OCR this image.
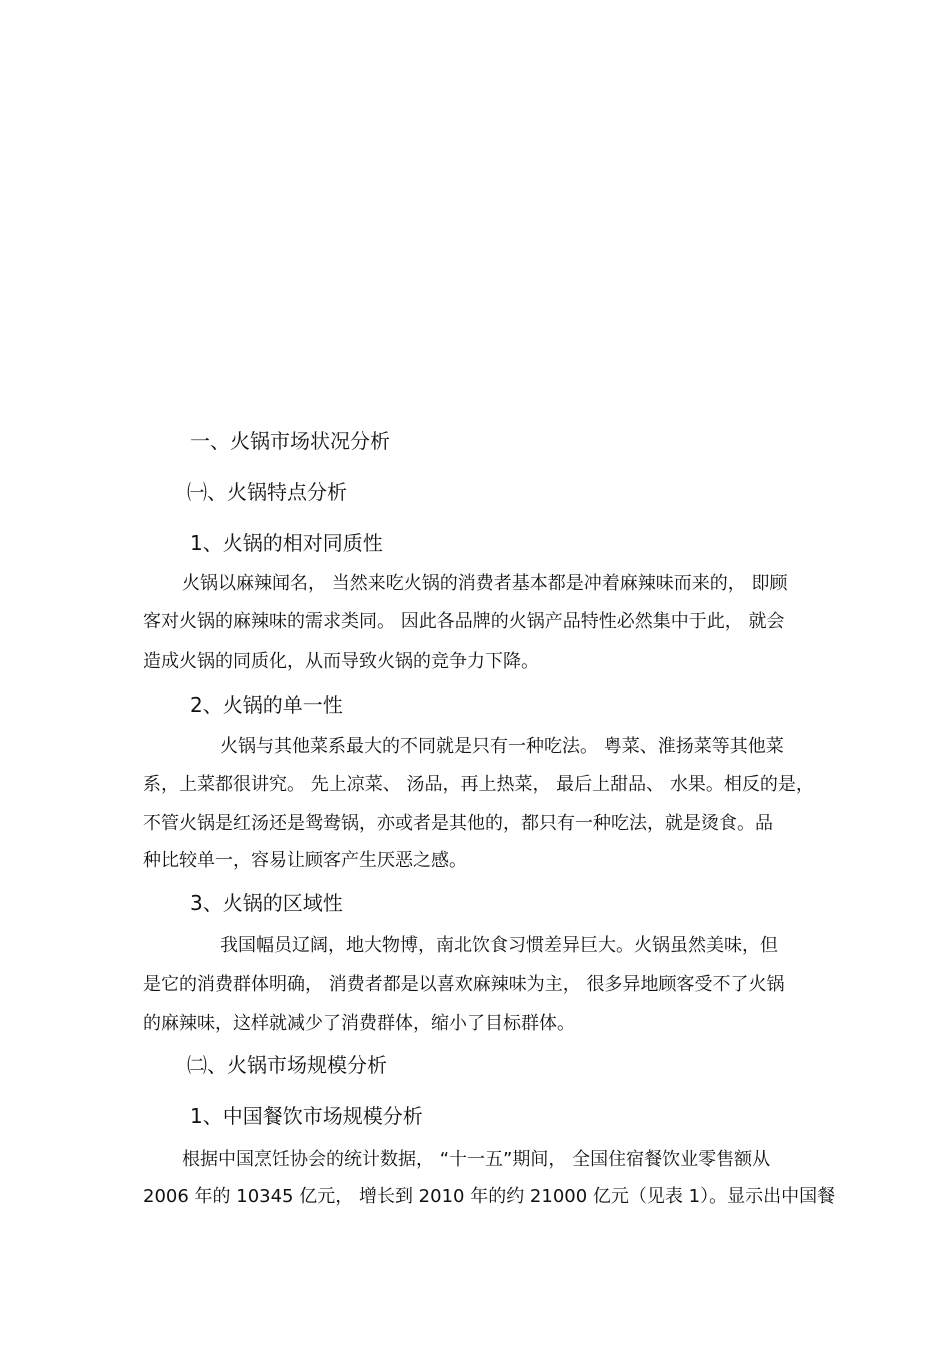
一、火锅市场状况分析

㈠、火锅特点分析

1、火锅的相对同质性

火锅以麻辣闻名， 当然来吃火锅的消费者基本都是冲着麻辣味而来的， 即顾

客对火锅的麻辣味的需求类同。 因此各品牌的火锅产品特性必然集中于此， 就会

造成火锅的同质化，从而导致火锅的竞争力下降。

2、火锅的单一性

火锅与其他菜系最大的不同就是只有一种吃法。 粤菜、淮扬菜等其他菜

系，上菜都很讲究。 先上凉菜、 汤品，再上热菜， 最后上甜品、 水果。相反的是，

不管火锅是红汤还是鸳鸯锅，亦或者是其他的，都只有一种吃法，就是烫食。品

种比较单一，容易让顾客产生厌恶之感。

3、火锅的区域性

我国幅员辽阔，地大物博，南北饮食习惯差异巨大。火锅虽然美味，但

是它的消费群体明确， 消费者都是以喜欢麻辣味为主， 很多异地顾客受不了火锅

的麻辣味，这样就减少了消费群体，缩小了目标群体。

㈡、火锅市场规模分析

1、中国餐饮市场规模分析

根据中国烹饪协会的统计数据， “十一五”期间， 全国住宿餐饮业零售额从

2006 年的 10345 亿元， 增长到 2010 年的约 21000 亿元（见表 1）。显示出中国餐
